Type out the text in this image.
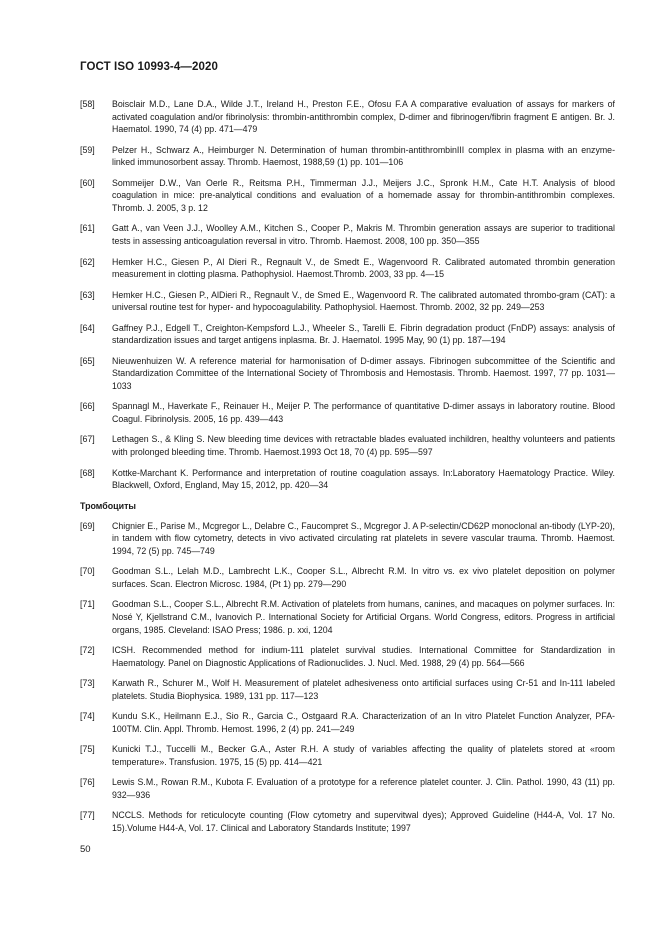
ГОСТ ISO 10993-4—2020
[58]	Boisclair M.D., Lane D.A., Wilde J.T., Ireland H., Preston F.E., Ofosu F.A A comparative evaluation of assays for markers of activated coagulation and/or fibrinolysis: thrombin-antithrombin complex, D-dimer and fibrinogen/fibrin fragment E antigen. Br. J. Haematol. 1990, 74 (4) pp. 471—479
[59]	Pelzer H., Schwarz A., Heimburger N. Determination of human thrombin-antithrombinIII complex in plasma with an enzyme-linked immunosorbent assay. Thromb. Haemost, 1988,59 (1) pp. 101—106
[60]	Sommeijer D.W., Van Oerle R., Reitsma P.H., Timmerman J.J., Meijers J.C., Spronk H.M., Cate H.T. Analysis of blood coagulation in mice: pre-analytical conditions and evaluation of a homemade assay for thrombin-antithrombin complexes. Thromb. J. 2005, 3 p. 12
[61]	Gatt A., van Veen J.J., Woolley A.M., Kitchen S., Cooper P., Makris M. Thrombin generation assays are superior to traditional tests in assessing anticoagulation reversal in vitro. Thromb. Haemost. 2008, 100 pp. 350—355
[62]	Hemker H.C., Giesen P., Al Dieri R., Regnault V., de Smedt E., Wagenvoord R. Calibrated automated thrombin generation measurement in clotting plasma. Pathophysiol. Haemost.Thromb. 2003, 33 pp. 4—15
[63]	Hemker H.C., Giesen P., AlDieri R., Regnault V., de Smed E., Wagenvoord R. The calibrated automated thrombo-gram (CAT): a universal routine test for hyper- and hypocoagulability. Pathophysiol. Haemost. Thromb. 2002, 32 pp. 249—253
[64]	Gaffney P.J., Edgell T., Creighton-Kempsford L.J., Wheeler S., Tarelli E. Fibrin degradation product (FnDP) assays: analysis of standardization issues and target antigens inplasma. Br. J. Haematol. 1995 May, 90 (1) pp. 187—194
[65]	Nieuwenhuizen W. A reference material for harmonisation of D-dimer assays. Fibrinogen subcommittee of the Scientific and Standardization Committee of the International Society of Thrombosis and Hemostasis. Thromb. Haemost. 1997, 77 pp. 1031—1033
[66]	Spannagl M., Haverkate F., Reinauer H., Meijer P. The performance of quantitative D-dimer assays in laboratory routine. Blood Coagul. Fibrinolysis. 2005, 16 pp. 439—443
[67]	Lethagen S., & Kling S. New bleeding time devices with retractable blades evaluated inchildren, healthy volunteers and patients with prolonged bleeding time. Thromb. Haemost.1993 Oct 18, 70 (4) pp. 595—597
[68]	Kottke-Marchant K. Performance and interpretation of routine coagulation assays. In:Laboratory Haematology Practice. Wiley. Blackwell, Oxford, England, May 15, 2012, pp. 420—34
Тромбоциты
[69]	Chignier E., Parise M., Mcgregor L., Delabre C., Faucompret S., Mcgregor J. A P-selectin/CD62P monoclonal an-tibody (LYP-20), in tandem with flow cytometry, detects in vivo activated circulating rat platelets in severe vascular trauma. Thromb. Haemost. 1994, 72 (5) pp. 745—749
[70]	Goodman S.L., Lelah M.D., Lambrecht L.K., Cooper S.L., Albrecht R.M. In vitro vs. ex vivo platelet deposition on polymer surfaces. Scan. Electron Microsc. 1984, (Pt 1) pp. 279—290
[71]	Goodman S.L., Cooper S.L., Albrecht R.M. Activation of platelets from humans, canines, and macaques on polymer surfaces. In: Nosé Y, Kjellstrand C.M., Ivanovich P.. International Society for Artificial Organs. World Congress, editors. Progress in artificial organs, 1985. Cleveland: ISAO Press; 1986. p. xxi, 1204
[72]	ICSH. Recommended method for indium-111 platelet survival studies. International Committee for Standardization in Haematology. Panel on Diagnostic Applications of Radionuclides. J. Nucl. Med. 1988, 29 (4) pp. 564—566
[73]	Karwath R., Schurer M., Wolf H. Measurement of platelet adhesiveness onto artificial surfaces using Cr-51 and In-111 labeled platelets. Studia Biophysica. 1989, 131 pp. 117—123
[74]	Kundu S.K., Heilmann E.J., Sio R., Garcia C., Ostgaard R.A. Characterization of an In vitro Platelet Function Analyzer, PFA-100TM. Clin. Appl. Thromb. Hemost. 1996, 2 (4) pp. 241—249
[75]	Kunicki T.J., Tuccelli M., Becker G.A., Aster R.H. A study of variables affecting the quality of platelets stored at «room temperature». Transfusion. 1975, 15 (5) pp. 414—421
[76]	Lewis S.M., Rowan R.M., Kubota F. Evaluation of a prototype for a reference platelet counter. J. Clin. Pathol. 1990, 43 (11) pp. 932—936
[77]	NCCLS. Methods for reticulocyte counting (Flow cytometry and supervitwal dyes); Approved Guideline (H44-A, Vol. 17 No. 15).Volume H44-A, Vol. 17. Clinical and Laboratory Standards Institute; 1997
50
